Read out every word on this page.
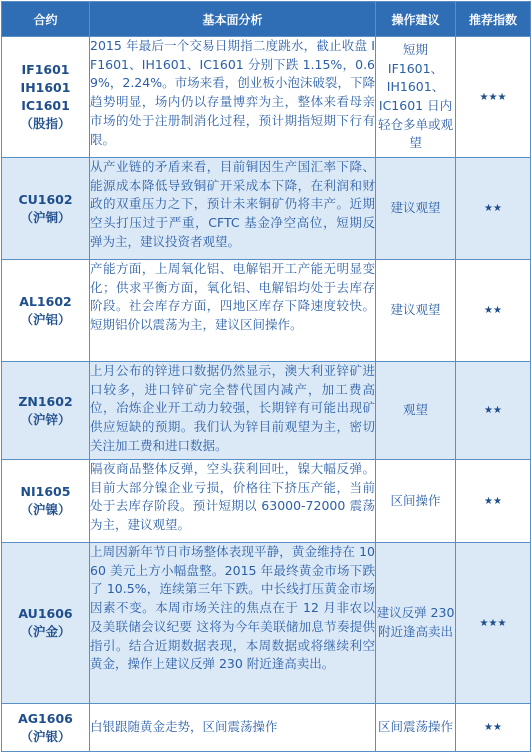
合约	基本面分析	操作建议	推荐指数

IF1601
IH1601
IC1601
（股指）	2015 年最后一个交易日期指二度跳水，截止收盘 IF1601、IH1601、IC1601 分别下跌 1.15%，0.69%，2.24%。市场来看，创业板小泡沫破裂，下降趋势明显，场内仍以存量博弈为主，整体来看母亲市场的处于注册制消化过程，预计期指短期下行有限。	短期 IF1601、IH1601、IC1601 日内轻仓多单或观望	★★★

CU1602
（沪铜）	从产业链的矛盾来看，目前铜因生产国汇率下降、能源成本降低导致铜矿开采成本下降，在利润和财政的双重压力之下，预计未来铜矿仍将丰产。近期空头打压过于严重，CFTC 基金净空高位，短期反弹为主，建议投资者观望。	建议观望	★★

AL1602
（沪铝）	产能方面，上周氧化铝、电解铝开工产能无明显变化；供求平衡方面，氧化铝、电解铝均处于去库存阶段。社会库存方面，四地区库存下降速度较快。短期铝价以震荡为主，建议区间操作。	建议观望	★★

ZN1602
（沪锌）	上月公布的锌进口数据仍然显示，澳大利亚锌矿进口较多，进口锌矿完全替代国内减产，加工费高位，冶炼企业开工动力较强，长期锌有可能出现矿供应短缺的预期。我们认为锌目前观望为主，密切关注加工费和进口数据。	观望	★★

NI1605
（沪镍）	隔夜商品整体反弹，空头获利回吐，镍大幅反弹。目前大部分镍企业亏损，价格往下挤压产能，当前处于去库存阶段。预计短期以 63000-72000 震荡为主，建议观望。	区间操作	★★

AU1606
（沪金）	上周因新年节日市场整体表现平静，黄金维持在 1060 美元上方小幅盘整。2015 年最终黄金市场下跌了 10.5%，连续第三年下跌。中长线打压黄金市场因素不变。本周市场关注的焦点在于 12 月非农以及美联储会议纪要 这将为今年美联储加息节奏提供指引。结合近期数据表现，本周数据或将继续利空黄金，操作上建议反弹 230 附近逢高卖出。	建议反弹 230 附近逢高卖出	★★★

AG1606
（沪银）	白银跟随黄金走势，区间震荡操作	区间震荡操作	★★
